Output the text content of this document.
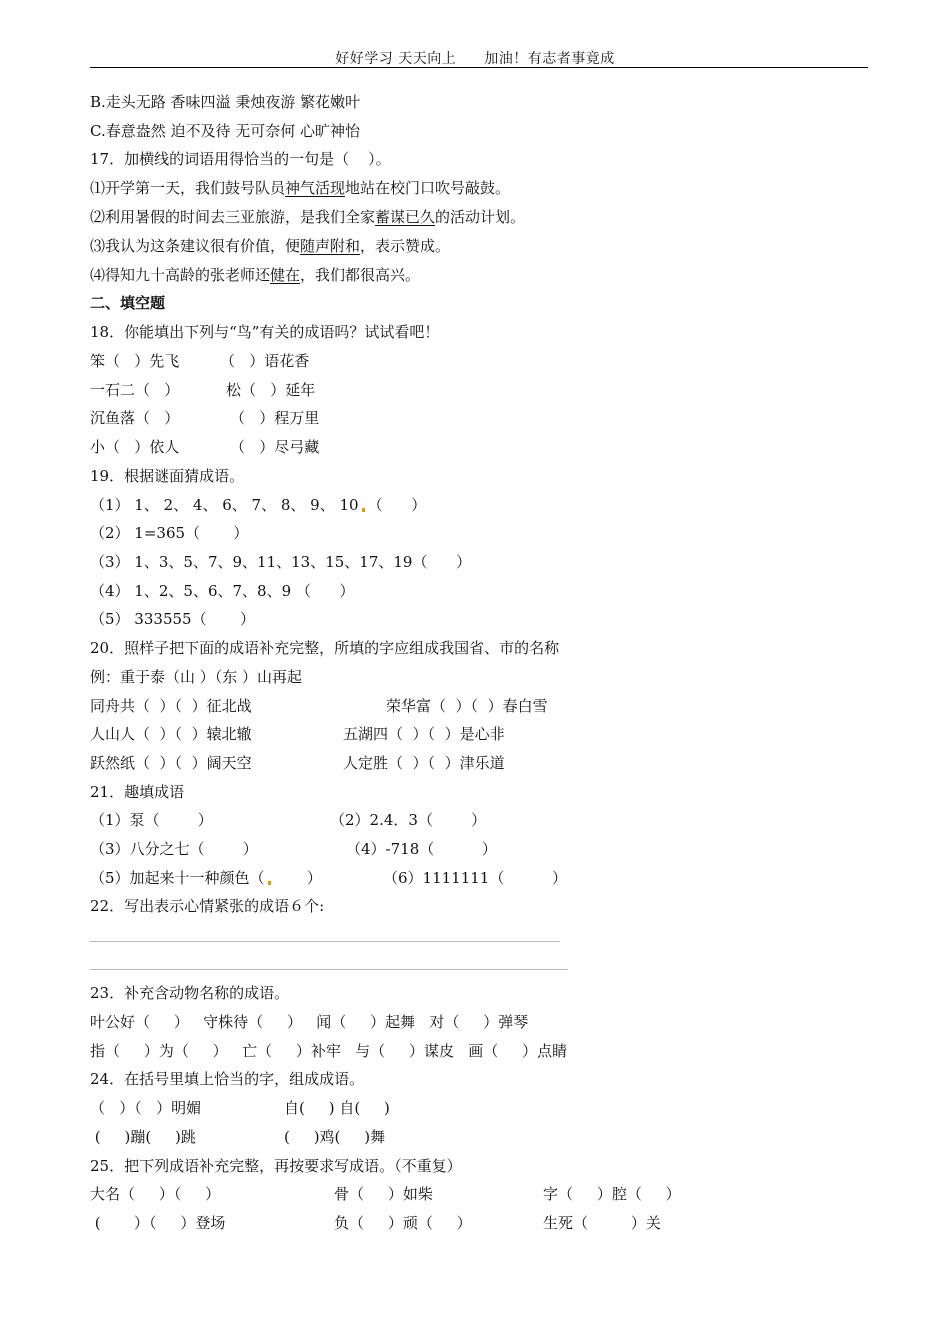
好好学习 天天向上 加油！有志者事竟成
B.走头无路 香味四溢 秉烛夜游 繁花嫩叶
C.春意盎然 迫不及待 无可奈何 心旷神怡
17．加横线的词语用得恰当的一句是（    ）。
⑴开学第一天，我们鼓号队员神气活现地站在校门口吹号敲鼓。
⑵利用暑假的时间去三亚旅游，是我们全家蓄谋已久的活动计划。
⑶我认为这条建议很有价值，便随声附和，表示赞成。
⑷得知九十高龄的张老师还健在，我们都很高兴。
二、填空题
18．你能填出下列与“鸟”有关的成语吗？试试看吧！
笨（   ）先飞	（   ）语花香
一石二（   ）	松（   ）延年
沉鱼落（   ）	（   ）程万里
小（   ）依人	（   ）尽弓藏
19．根据谜面猜成语。
（1） 1、 2、 4、 6、 7、 8、 9、 10 （      ）
（2） 1=365（       ）
（3） 1、3、5、7、9、11、13、15、17、19（      ）
（4） 1、2、5、6、7、8、9 （      ）
（5） 333555（       ）
20．照样子把下面的成语补充完整，所填的字应组成我国省、市的名称
例：重于泰（山 ）（东 ）山再起
同舟共（  ）（  ）征北战	荣华富（  ）（  ）春白雪
人山人（  ）（  ）辕北辙	五湖四（  ）（  ）是心非
跃然纸（  ）（  ）阔天空	人定胜（  ）（  ）津乐道
21．趣填成语
（1）泵（        ）	（2）2.4．3（        ）
（3）八分之七（        ）	（4）-718（          ）
（5）加起来十一种颜色（       ）	（6）1111111（          ）
22．写出表示心情紧张的成语６个:
23．补充含动物名称的成语。
叶公好（     ）   守株待（     ）   闻（     ）起舞   对（     ）弹琴
指（     ）为（     ）   亡（     ）补牢   与（     ）谋皮   画（     ）点睛
24．在括号里填上恰当的字，组成成语。
（   ）（   ）明媚	自(     ) 自(     )
(     )蹦(     )跳	(     )鸡(     )舞
25．把下列成语补充完整，再按要求写成语。（不重复）
大名（     ）（     ）	骨（     ）如柴	字（     ）腔（     ）
(       ）（     ）登场	负（     ）顽（     ）	生死（         ）关
